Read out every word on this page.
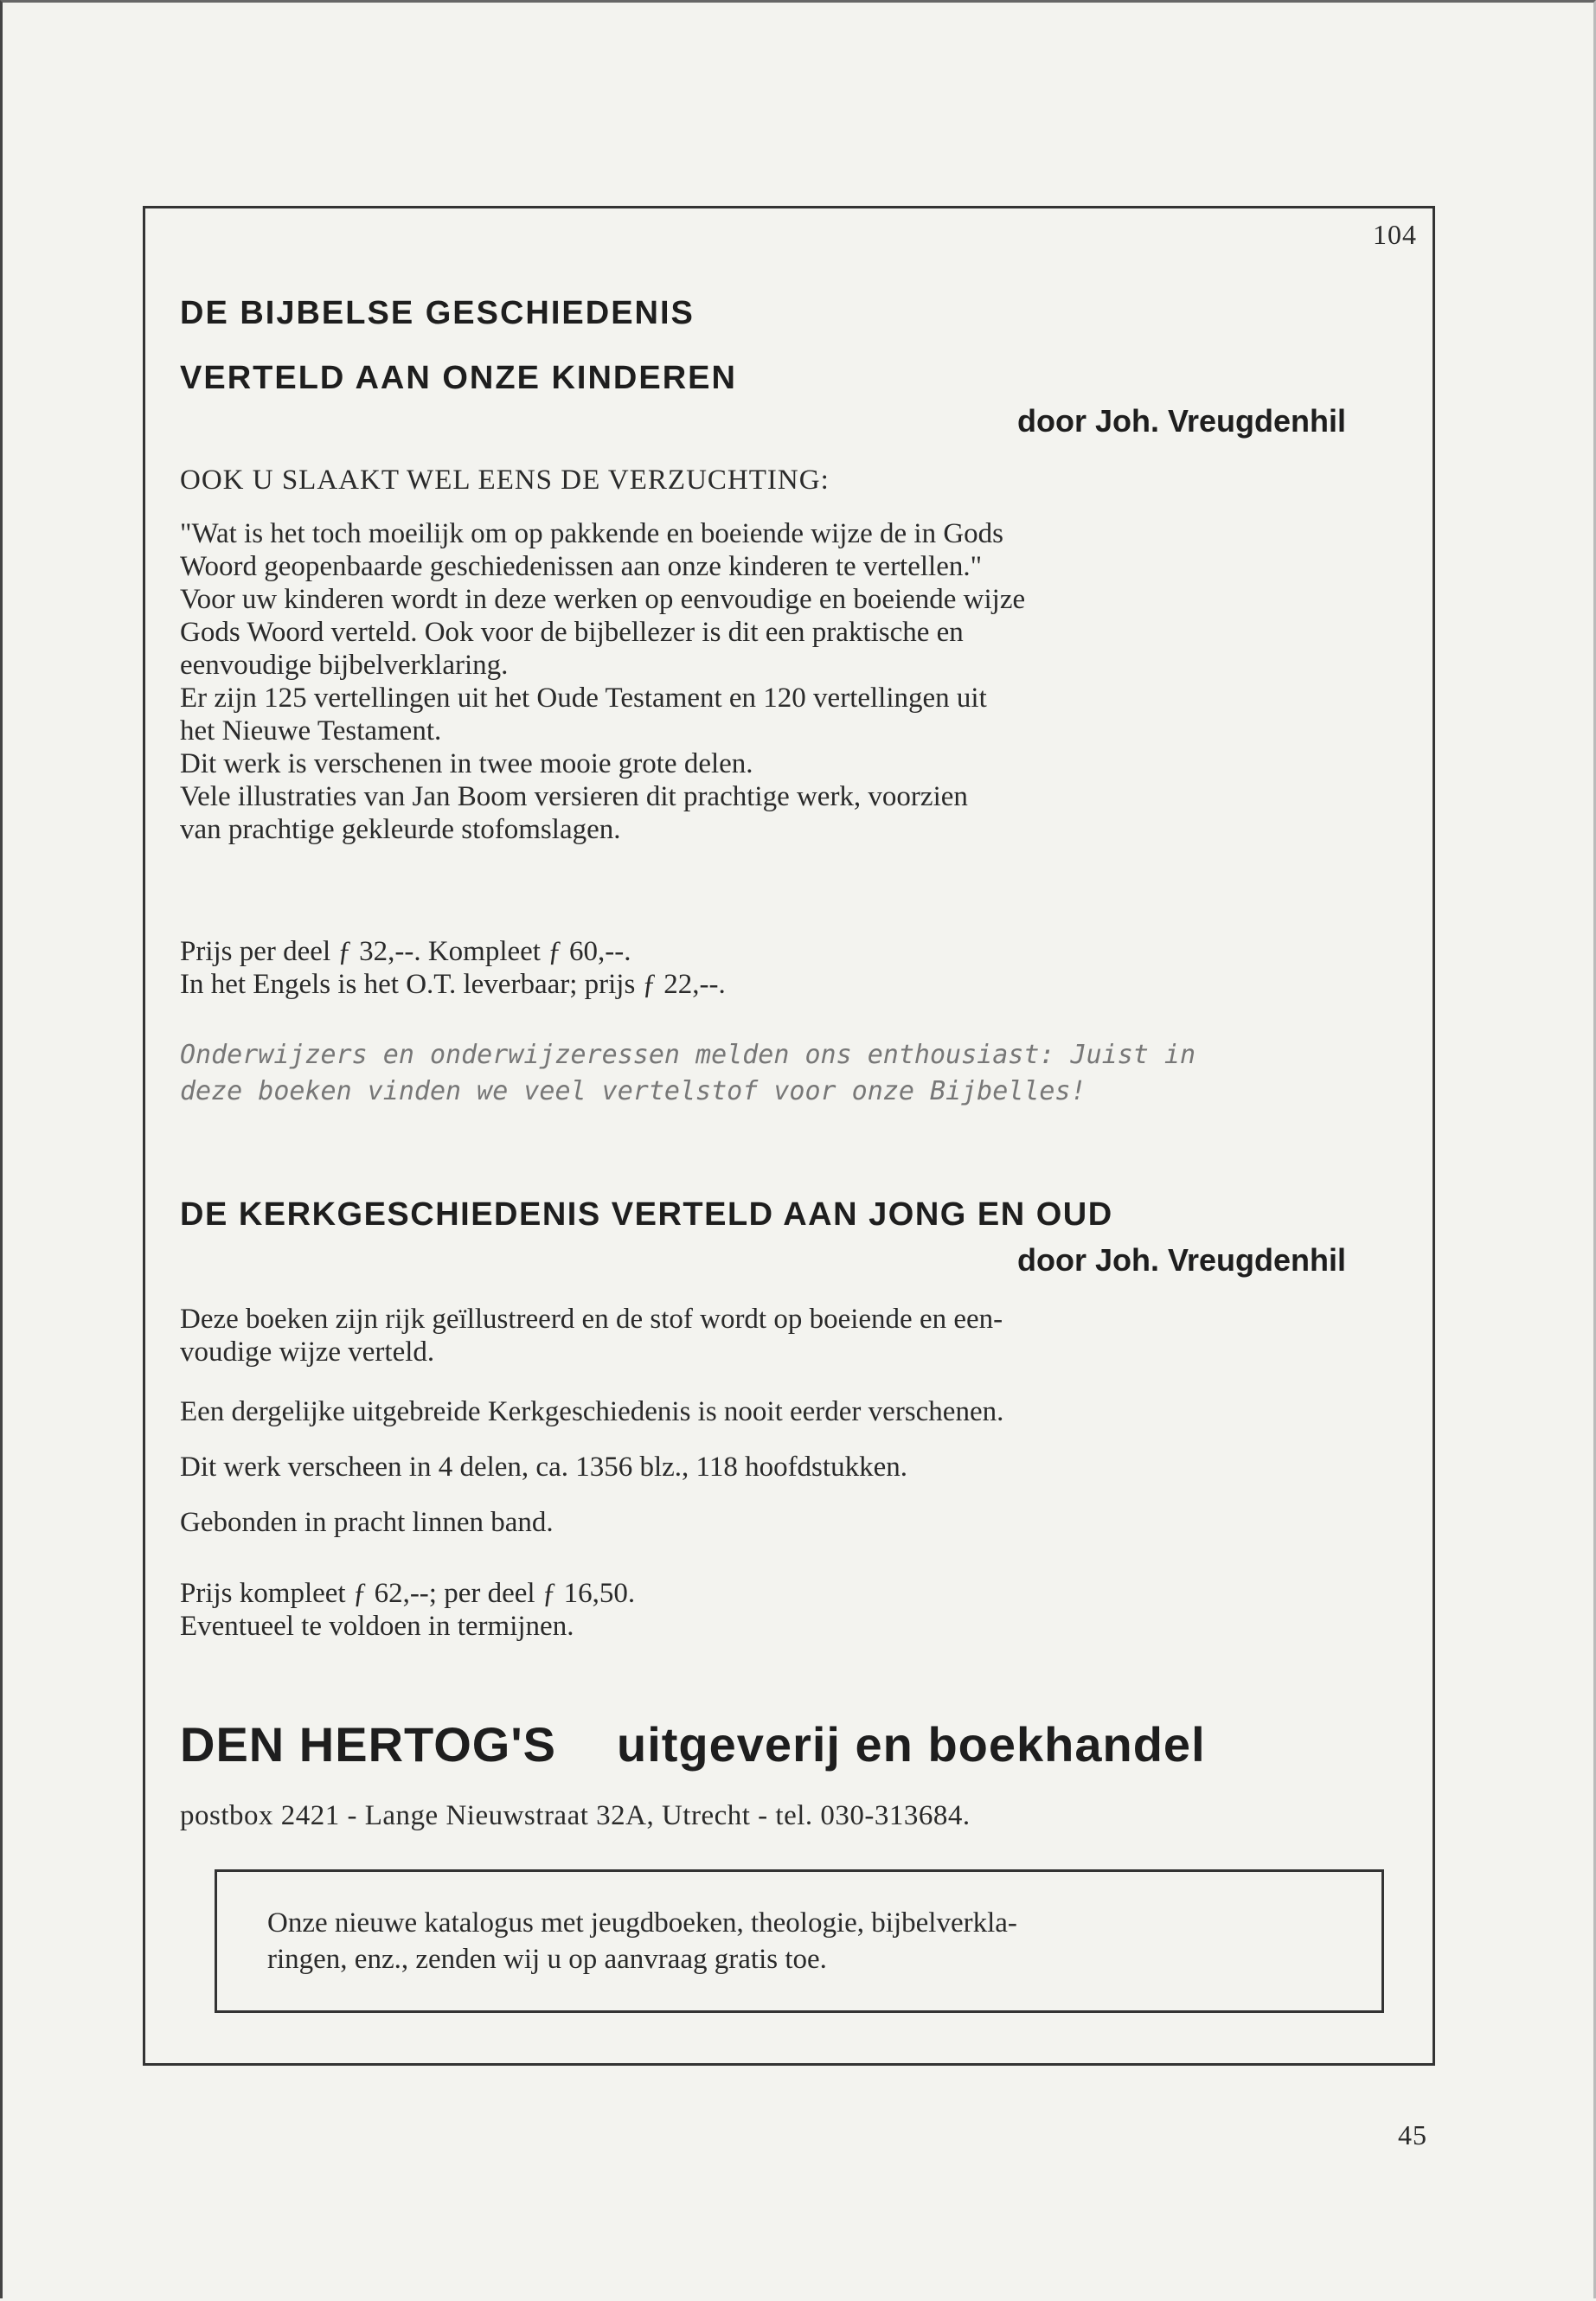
104
DE BIJBELSE GESCHIEDENIS
VERTELD AAN ONZE KINDEREN
door Joh. Vreugdenhil
OOK U SLAAKT WEL EENS DE VERZUCHTING:

"Wat is het toch moeilijk om op pakkende en boeiende wijze de in Gods

Woord geopenbaarde geschiedenissen aan onze kinderen te vertellen."

Voor uw kinderen wordt in deze werken op eenvoudige en boeiende wijze

Gods Woord verteld. Ook voor de bijbellezer is dit een praktische en

eenvoudige bijbelverklaring.

Er zijn 125 vertellingen uit het Oude Testament en 120 vertellingen uit

het Nieuwe Testament.

Dit werk is verschenen in twee mooie grote delen.

Vele illustraties van Jan Boom versieren dit prachtige werk, voorzien

van prachtige gekleurde stofomslagen.

Prijs per deel ƒ 32,--. Kompleet ƒ 60,--.

In het Engels is het O.T. leverbaar; prijs ƒ 22,--.

Onderwijzers en onderwijzeressen melden ons enthousiast: Juist in

deze boeken vinden we veel vertelstof voor onze Bijbelles!

DE KERKGESCHIEDENIS VERTELD AAN JONG EN OUD
door Joh. Vreugdenhil

Deze boeken zijn rijk geïllustreerd en de stof wordt op boeiende en een-

voudige wijze verteld.

Een dergelijke uitgebreide Kerkgeschiedenis is nooit eerder verschenen.
Dit werk verscheen in 4 delen, ca. 1356 blz., 118 hoofdstukken.
Gebonden in pracht linnen band.

Prijs kompleet ƒ 62,--; per deel ƒ 16,50.

Eventueel te voldoen in termijnen.

DEN HERTOG'S uitgeverij en boekhandel
postbox 2421 - Lange Nieuwstraat 32A, Utrecht - tel. 030-313684.

Onze nieuwe katalogus met jeugdboeken, theologie, bijbelverkla-

ringen, enz., zenden wij u op aanvraag gratis toe.

45
